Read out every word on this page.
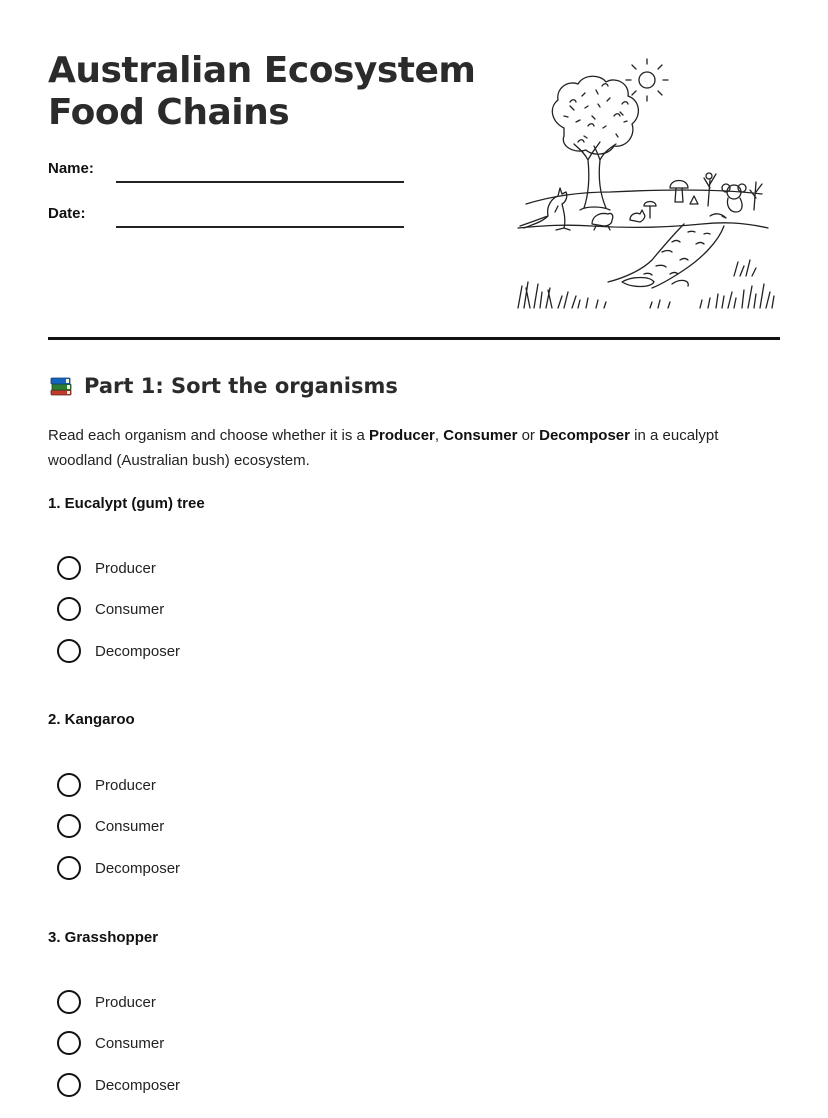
Australian Ecosystem
Food Chains
Name:
Date:
Part 1: Sort the organisms

Read each organism and choose whether it is a Producer, Consumer or Decomposer in a eucalypt woodland (Australian bush) ecosystem.

1. Eucalypt (gum) tree
Producer
Consumer
Decomposer
2. Kangaroo
Producer
Consumer
Decomposer
3. Grasshopper
Producer
Consumer
Decomposer
